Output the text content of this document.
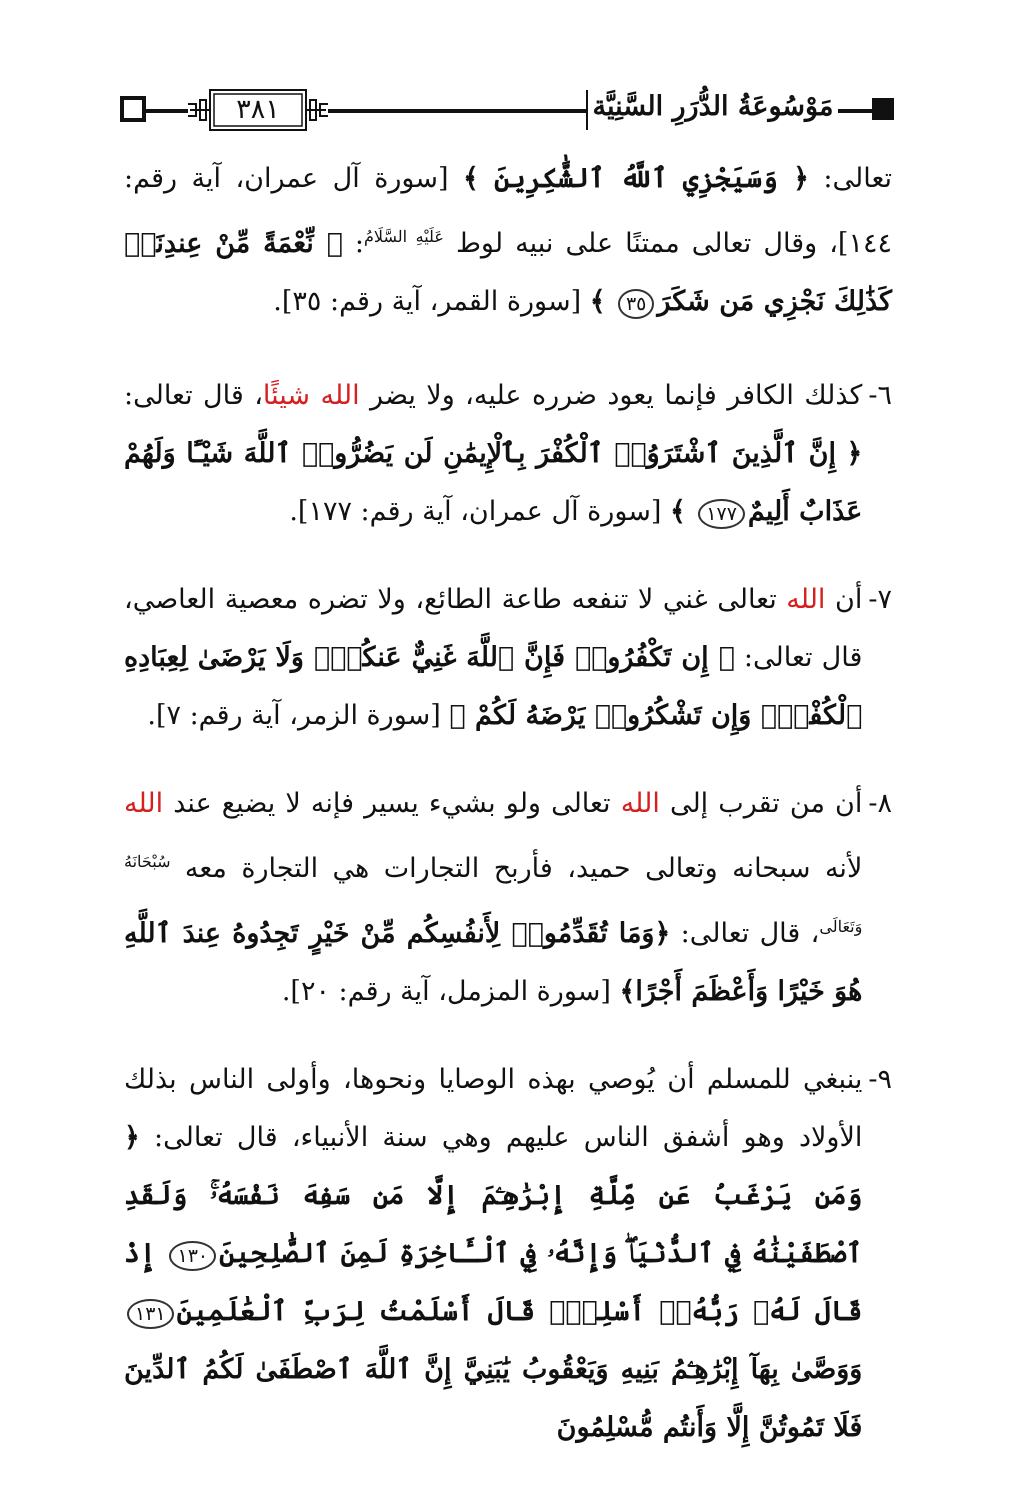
٣٨١	مَوْسُوعَةُ الدُّرَرِ السَّنِيَّة

تعالى: ﴿ وَسَيَجْزِي ٱللَّهُ ٱلشَّٰكِرِينَ ﴾ [سورة آل عمران، آية رقم: ١٤٤]، وقال تعالى ممتنًا على نبيه لوط $^{عَلَيْهِ السَّلَامُ}$: ﴿ نِّعْمَةً مِّنْ عِندِنَاۚ كَذَٰلِكَ نَجْزِي مَن شَكَرَ٣٥ ﴾ [سورة القمر، آية رقم: ٣٥].

٦-
كذلك الكافر فإنما يعود ضرره عليه، ولا يضر الله شيئًا، قال تعالى: ﴿ إِنَّ ٱلَّذِينَ ٱشْتَرَوُا۟ ٱلْكُفْرَ بِٱلْإِيمَٰنِ لَن يَضُرُّوا۟ ٱللَّهَ شَيْـًٔا وَلَهُمْ عَذَابٌ أَلِيمٌ١٧٧ ﴾ [سورة آل عمران، آية رقم: ١٧٧].
٧-
أن الله تعالى غني لا تنفعه طاعة الطائع، ولا تضره معصية العاصي، قال تعالى: ﴿ إِن تَكْفُرُوا۟ فَإِنَّ ٱللَّهَ غَنِيٌّ عَنكُمْۖ وَلَا يَرْضَىٰ لِعِبَادِهِ ٱلْكُفْرَۖ وَإِن تَشْكُرُوا۟ يَرْضَهُ لَكُمْ ﴾ [سورة الزمر، آية رقم: ٧].
٨-
أن من تقرب إلى الله تعالى ولو بشيء يسير فإنه لا يضيع عند الله لأنه سبحانه وتعالى حميد، فأربح التجارات هي التجارة معه $^{سُبْحَانَهُ وَتَعَالَى}$، قال تعالى: ﴿وَمَا تُقَدِّمُوا۟ لِأَنفُسِكُم مِّنْ خَيْرٍ تَجِدُوهُ عِندَ ٱللَّهِ هُوَ خَيْرًا وَأَعْظَمَ أَجْرًا﴾ [سورة المزمل، آية رقم: ٢٠].
٩-
ينبغي للمسلم أن يُوصي بهذه الوصايا ونحوها، وأولى الناس بذلك الأولاد وهو أشفق الناس عليهم وهي سنة الأنبياء، قال تعالى: ﴿ وَمَن يَرْغَبُ عَن مِّلَّةِ إِبْرَٰهِـۧمَ إِلَّا مَن سَفِهَ نَفْسَهُۥۚ وَلَقَدِ ٱصْطَفَيْنَٰهُ فِي ٱلدُّنْيَاۖ وَإِنَّهُۥ فِي ٱلْـَٔاخِرَةِ لَمِنَ ٱلصَّٰلِحِينَ١٣٠ إِذْ قَالَ لَهُۥ رَبُّهُۥٓ أَسْلِمْۖ قَالَ أَسْلَمْتُ لِرَبِّ ٱلْعَٰلَمِينَ١٣١ وَوَصَّىٰ بِهَآ إِبْرَٰهِـۧمُ بَنِيهِ وَيَعْقُوبُ يَٰبَنِيَّ إِنَّ ٱللَّهَ ٱصْطَفَىٰ لَكُمُ ٱلدِّينَ فَلَا تَمُوتُنَّ إِلَّا وَأَنتُم مُّسْلِمُونَ
